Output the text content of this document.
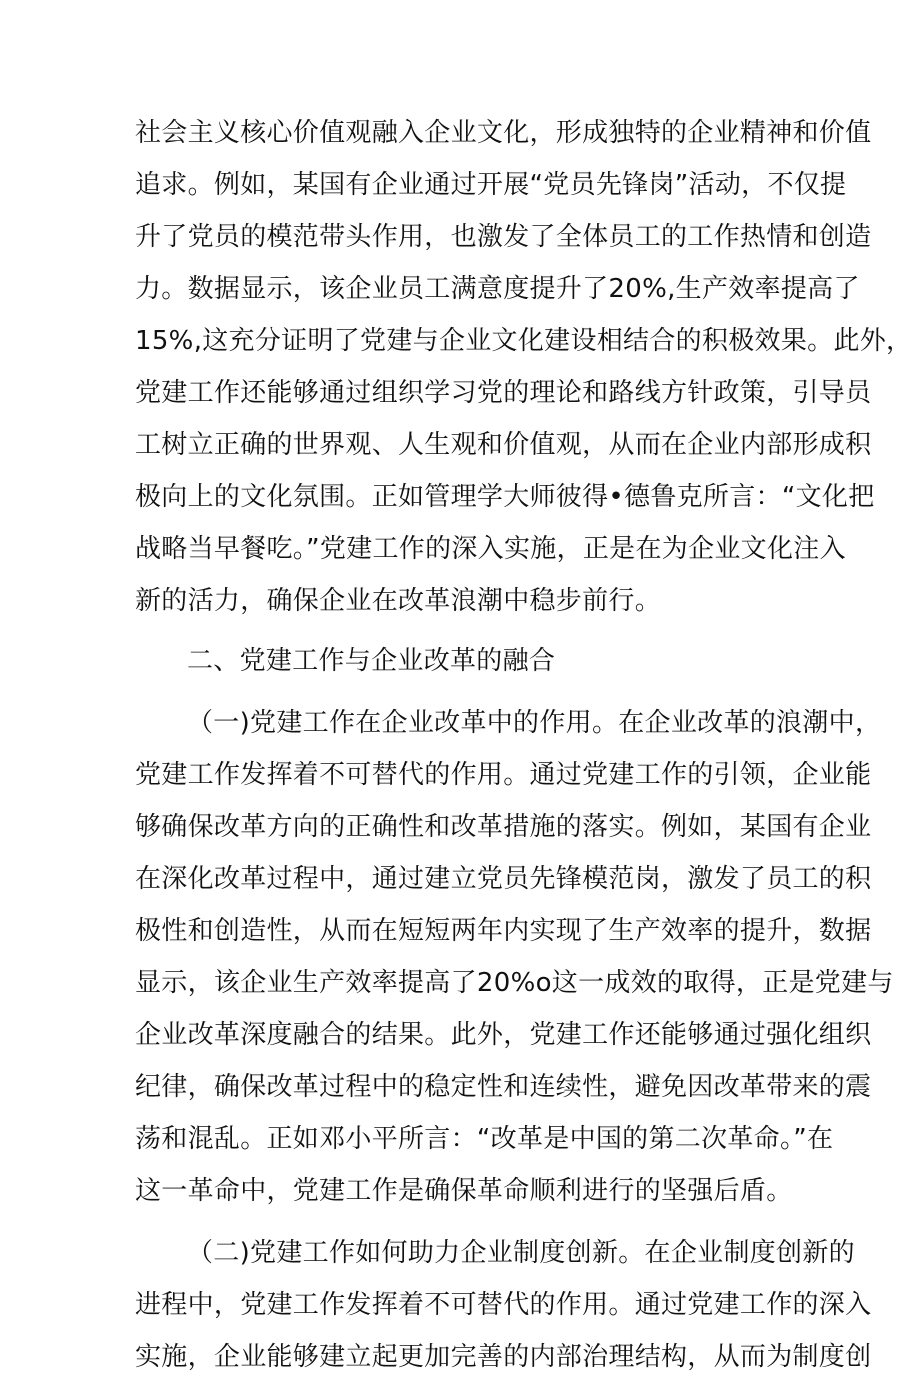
社会主义核心价值观融入企业文化，形成独特的企业精神和价值
追求。例如，某国有企业通过开展“党员先锋岗”活动，不仅提
升了党员的模范带头作用，也激发了全体员工的工作热情和创造
力。数据显示，该企业员工满意度提升了20%,生产效率提高了
15%,这充分证明了党建与企业文化建设相结合的积极效果。此外，
党建工作还能够通过组织学习党的理论和路线方针政策，引导员
工树立正确的世界观、人生观和价值观，从而在企业内部形成积
极向上的文化氛围。正如管理学大师彼得•德鲁克所言：“文化把
战略当早餐吃。”党建工作的深入实施，正是在为企业文化注入
新的活力，确保企业在改革浪潮中稳步前行。
二、党建工作与企业改革的融合
（一)党建工作在企业改革中的作用。在企业改革的浪潮中，
党建工作发挥着不可替代的作用。通过党建工作的引领，企业能
够确保改革方向的正确性和改革措施的落实。例如，某国有企业
在深化改革过程中，通过建立党员先锋模范岗，激发了员工的积
极性和创造性，从而在短短两年内实现了生产效率的提升，数据
显示，该企业生产效率提高了20%o这一成效的取得，正是党建与
企业改革深度融合的结果。此外，党建工作还能够通过强化组织
纪律，确保改革过程中的稳定性和连续性，避免因改革带来的震
荡和混乱。正如邓小平所言：“改革是中国的第二次革命。”在
这一革命中，党建工作是确保革命顺利进行的坚强后盾。
（二)党建工作如何助力企业制度创新。在企业制度创新的
进程中，党建工作发挥着不可替代的作用。通过党建工作的深入
实施，企业能够建立起更加完善的内部治理结构，从而为制度创
